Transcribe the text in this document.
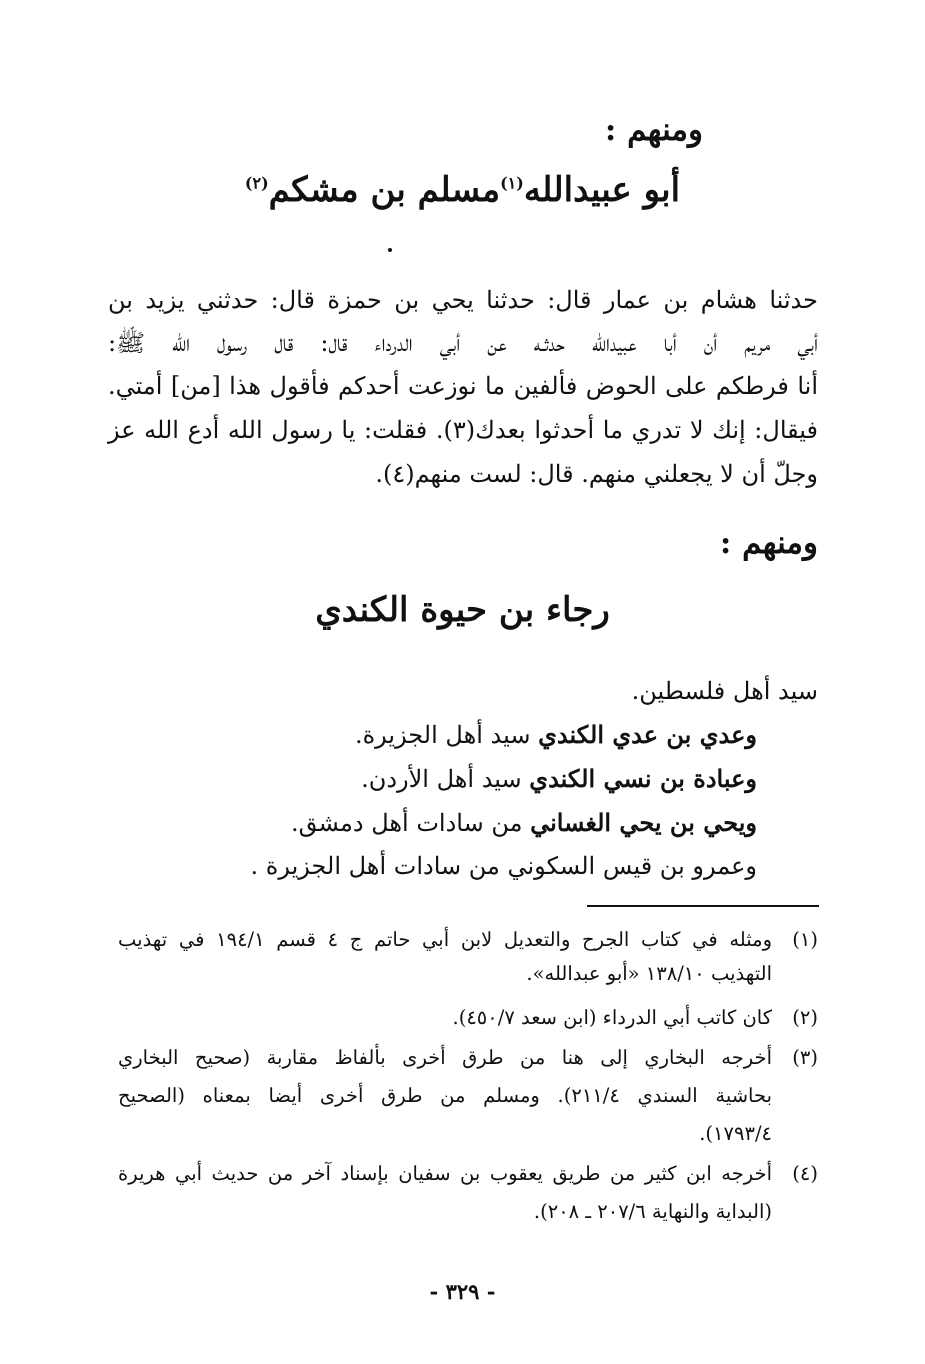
ومنهم :
أبو عبيدالله$^{(١)}$مسلم بن مشكم$^{(٢)}$
حدثنا هشام بن عمار قال: حدثنا يحي بن حمزة قال: حدثني يزيد بن
أبي مريم أن أبا عبيدالله حدثـه عن أبي الدرداء قال: قال رسول الله ﷺ:
أنا فرطكم على الحوض فألفين ما نوزعت أحدكم فأقول هذا [من] أمتي.
فيقال: إنك لا تدري ما أحدثوا بعدك(٣). فقلت: يا رسول الله أدع الله عز
وجلّ أن لا يجعلني منهم. قال: لست منهم(٤).
ومنهم :
رجاء بن حيوة الكندي
سيد أهل فلسطين.
وعدي بن عدي الكندي سيد أهل الجزيرة.
وعبادة بن نسي الكندي سيد أهل الأردن.
ويحي بن يحي الغساني من سادات أهل دمشق.
وعمرو بن قيس السكوني من سادات أهل الجزيرة .
(١)
ومثله في كتاب الجرح والتعديل لابن أبي حاتم ج ٤ قسم ١٩٤/١ في تهذيب
التهذيب ١٣٨/١٠ «أبو عبدالله».
(٢)
كان كاتب أبي الدرداء (ابن سعد ٤٥٠/٧).
(٣)
أخرجه البخاري إلى هنا من طرق أخرى بألفاظ مقاربة (صحيح البخاري
بحاشية السندي ٢١١/٤). ومسلم من طرق أخرى أيضا بمعناه (الصحيح
١٧٩٣/٤).
(٤)
أخرجه ابن كثير من طريق يعقوب بن سفيان بإسناد آخر من حديث أبي هريرة
(البداية والنهاية ٢٠٧/٦ ـ ٢٠٨).
- ٣٢٩ -
